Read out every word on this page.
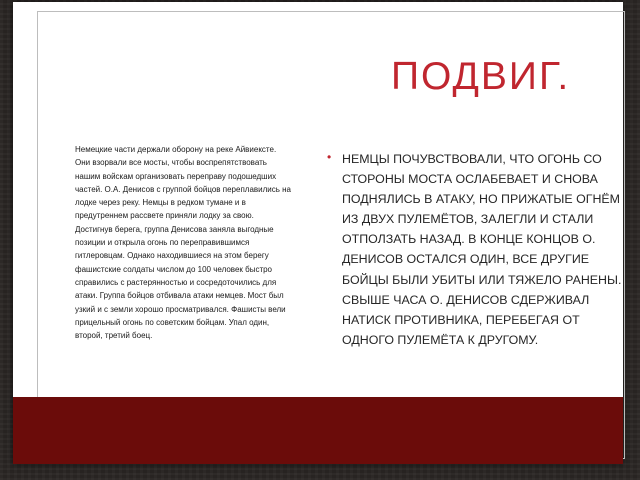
ПОДВИГ.
Немецкие части держали оборону на реке Айвиексте. Они взорвали все мосты, чтобы воспрепятствовать нашим войскам организовать переправу подошедших частей. О.А. Денисов с группой бойцов переплавились на лодке через реку. Немцы в редком тумане и в предутреннем рассвете приняли лодку за свою. Достигнув берега, группа Денисова заняла выгодные позиции и открыла огонь по переправившимся гитлеровцам. Однако находившиеся на этом берегу фашистские солдаты числом до 100 человек быстро справились с растерянностью и сосредоточились для атаки. Группа бойцов отбивала атаки немцев. Мост был узкий и с земли хорошо просматривался. Фашисты вели прицельный огонь по советским бойцам. Упал один, второй, третий боец.
• НЕМЦЫ ПОЧУВСТВОВАЛИ, ЧТО ОГОНЬ СО СТОРОНЫ МОСТА ОСЛАБЕВАЕТ И СНОВА ПОДНЯЛИСЬ В АТАКУ, НО ПРИЖАТЫЕ ОГНЁМ ИЗ ДВУХ ПУЛЕМЁТОВ, ЗАЛЕГЛИ И СТАЛИ ОТПОЛЗАТЬ НАЗАД. В КОНЦЕ КОНЦОВ О. ДЕНИСОВ ОСТАЛСЯ ОДИН, ВСЕ ДРУГИЕ БОЙЦЫ БЫЛИ УБИТЫ ИЛИ ТЯЖЕЛО РАНЕНЫ. СВЫШЕ ЧАСА О. ДЕНИСОВ СДЕРЖИВАЛ НАТИСК ПРОТИВНИКА, ПЕРЕБЕГАЯ ОТ ОДНОГО ПУЛЕМЁТА К ДРУГОМУ.
